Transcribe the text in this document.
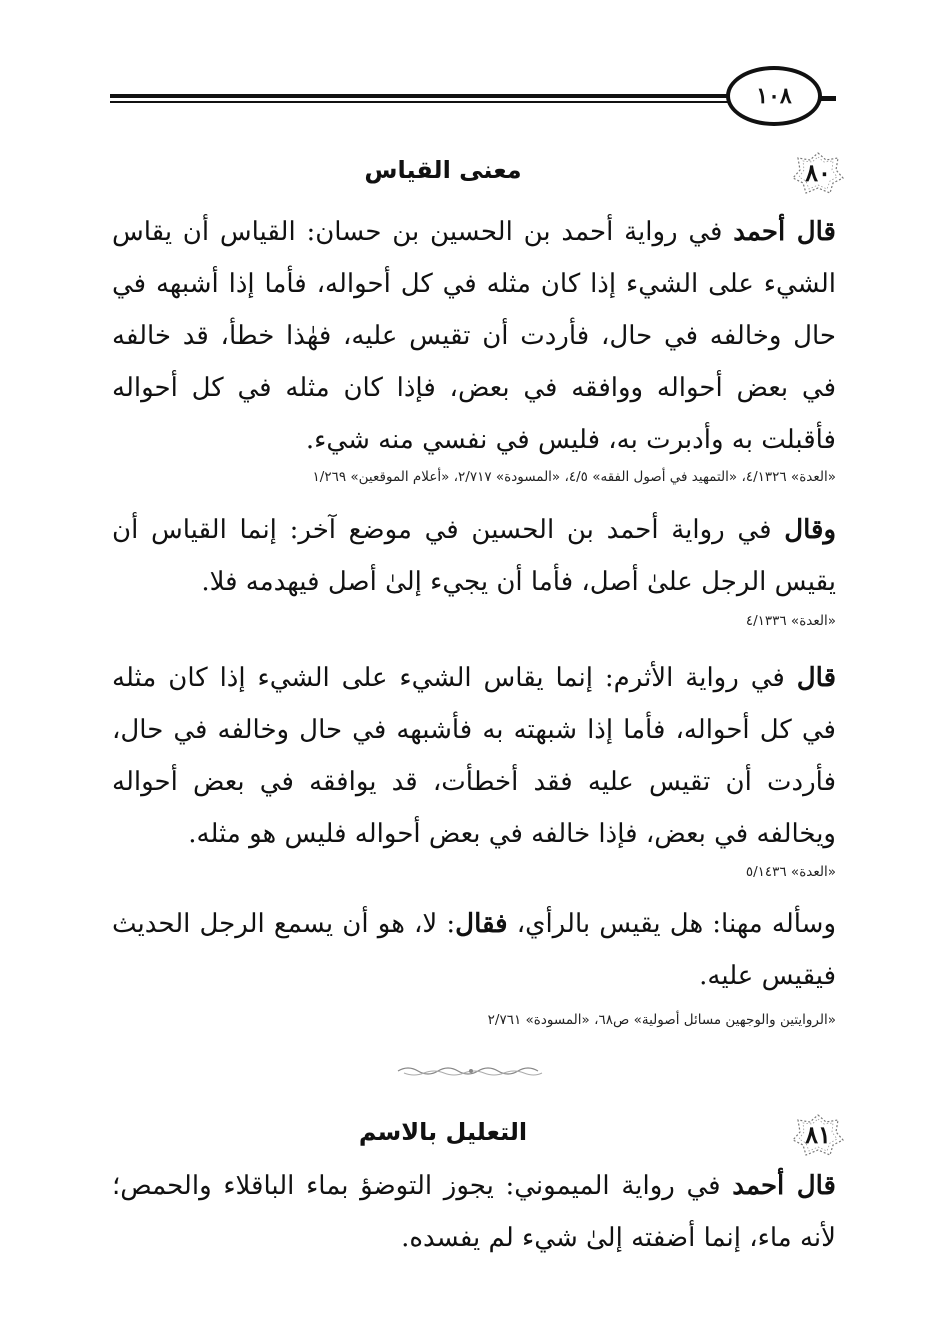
١٠٨
٨٠
معنى القياس
قال أحمد في رواية أحمد بن الحسين بن حسان: القياس أن يقاس الشيء على الشيء إذا كان مثله في كل أحواله، فأما إذا أشبهه في حال وخالفه في حال، فأردت أن تقيس عليه، فهٰذا خطأ، قد خالفه في بعض أحواله ووافقه في بعض، فإذا كان مثله في كل أحواله فأقبلت به وأدبرت به، فليس في نفسي منه شيء.
«العدة» ٤/١٣٢٦، «التمهيد في أصول الفقه» ٤/٥، «المسودة» ٢/٧١٧، «أعلام الموقعين» ١/٢٦٩
وقال في رواية أحمد بن الحسين في موضع آخر: إنما القياس أن يقيس الرجل علىٰ أصل، فأما أن يجيء إلىٰ أصل فيهدمه فلا.
«العدة» ٤/١٣٣٦
قال في رواية الأثرم: إنما يقاس الشيء على الشيء إذا كان مثله في كل أحواله، فأما إذا شبهته به فأشبهه في حال وخالفه في حال، فأردت أن تقيس عليه فقد أخطأت، قد يوافقه في بعض أحواله ويخالفه في بعض، فإذا خالفه في بعض أحواله فليس هو مثله.
«العدة» ٥/١٤٣٦
وسأله مهنا: هل يقيس بالرأي، فقال: لا، هو أن يسمع الرجل الحديث فيقيس عليه.
«الروايتين والوجهين مسائل أصولية» ص٦٨، «المسودة» ٢/٧٦١
٨١
التعليل بالاسم
قال أحمد في رواية الميموني: يجوز التوضؤ بماء الباقلاء والحمص؛ لأنه ماء، إنما أضفته إلىٰ شيء لم يفسده.
